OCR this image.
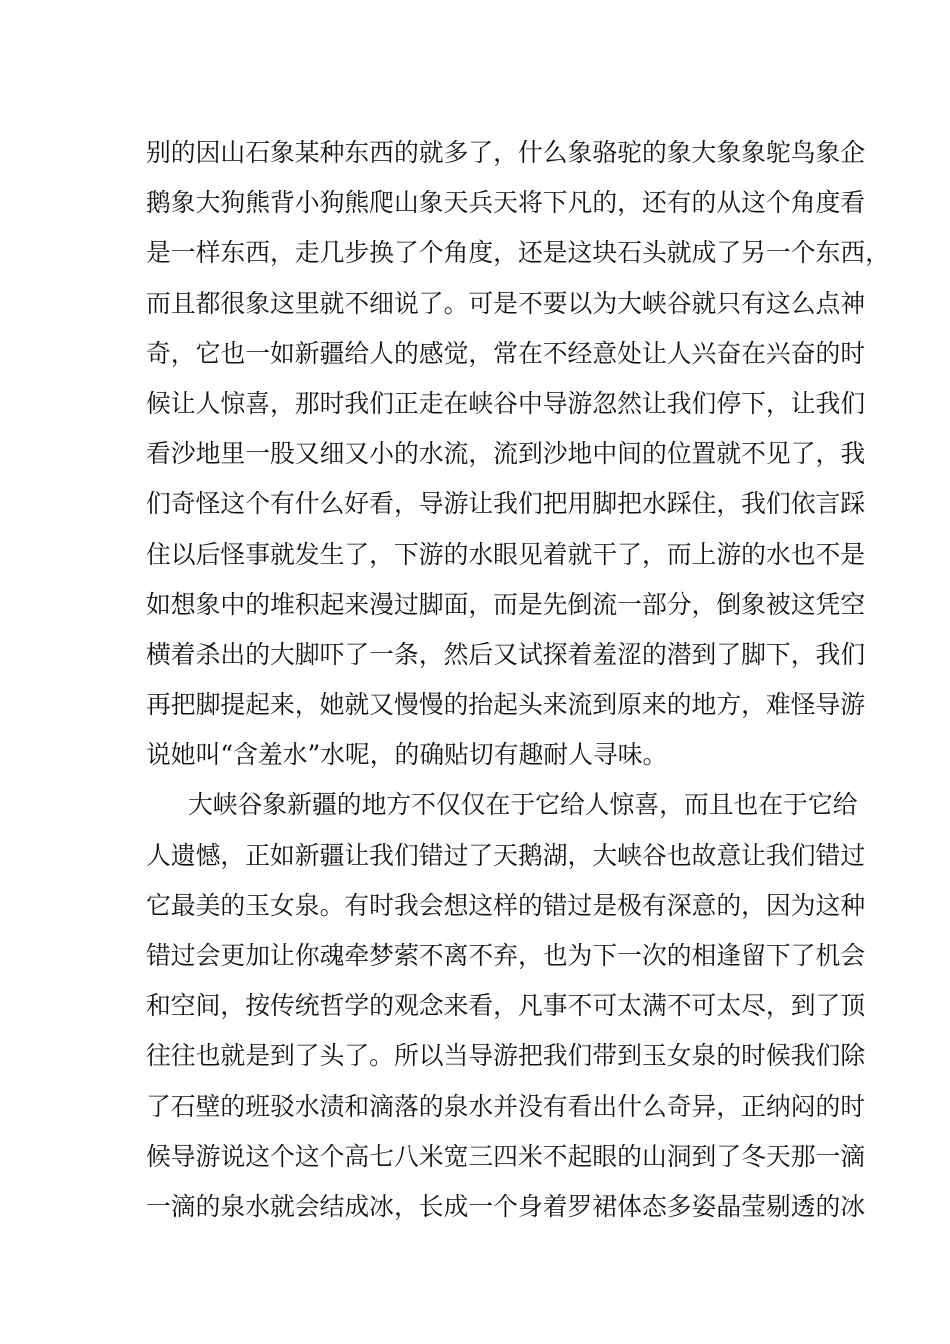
别的因山石象某种东西的就多了，什么象骆驼的象大象象鸵鸟象企
鹅象大狗熊背小狗熊爬山象天兵天将下凡的，还有的从这个角度看
是一样东西，走几步换了个角度，还是这块石头就成了另一个东西，
而且都很象这里就不细说了。可是不要以为大峡谷就只有这么点神
奇，它也一如新疆给人的感觉，常在不经意处让人兴奋在兴奋的时
候让人惊喜，那时我们正走在峡谷中导游忽然让我们停下，让我们
看沙地里一股又细又小的水流，流到沙地中间的位置就不见了，我
们奇怪这个有什么好看，导游让我们把用脚把水踩住，我们依言踩
住以后怪事就发生了，下游的水眼见着就干了，而上游的水也不是
如想象中的堆积起来漫过脚面，而是先倒流一部分，倒象被这凭空
横着杀出的大脚吓了一条，然后又试探着羞涩的潜到了脚下，我们
再把脚提起来，她就又慢慢的抬起头来流到原来的地方，难怪导游
说她叫“含羞水”水呢，的确贴切有趣耐人寻味。
大峡谷象新疆的地方不仅仅在于它给人惊喜，而且也在于它给
人遗憾，正如新疆让我们错过了天鹅湖，大峡谷也故意让我们错过
它最美的玉女泉。有时我会想这样的错过是极有深意的，因为这种
错过会更加让你魂牵梦萦不离不弃，也为下一次的相逢留下了机会
和空间，按传统哲学的观念来看，凡事不可太满不可太尽，到了顶
往往也就是到了头了。所以当导游把我们带到玉女泉的时候我们除
了石壁的班驳水渍和滴落的泉水并没有看出什么奇异，正纳闷的时
候导游说这个这个高七八米宽三四米不起眼的山洞到了冬天那一滴
一滴的泉水就会结成冰，长成一个身着罗裙体态多姿晶莹剔透的冰
